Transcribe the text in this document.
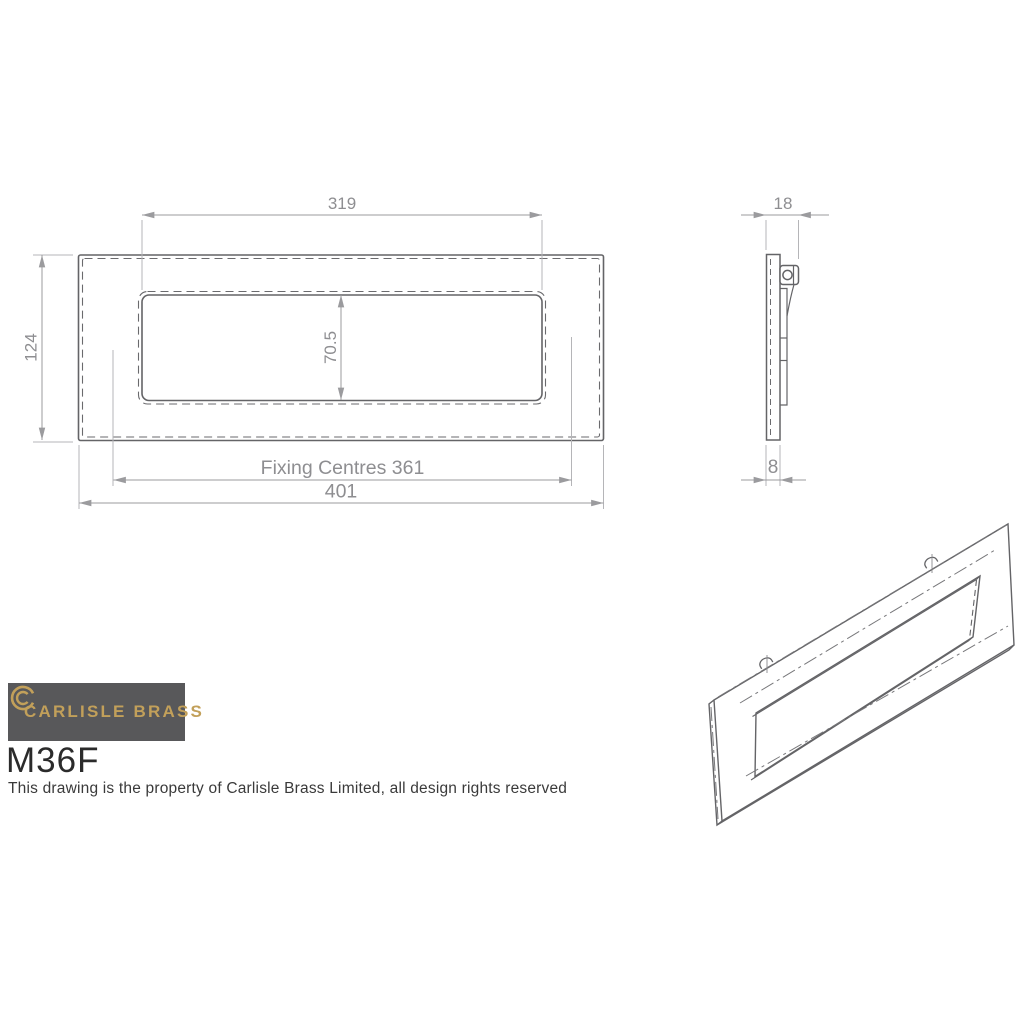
319
124	70.5
Fixing Centres 361
401
18
8
CARLISLE BRASS
M36F
This drawing is the property of Carlisle Brass Limited, all design rights reserved
